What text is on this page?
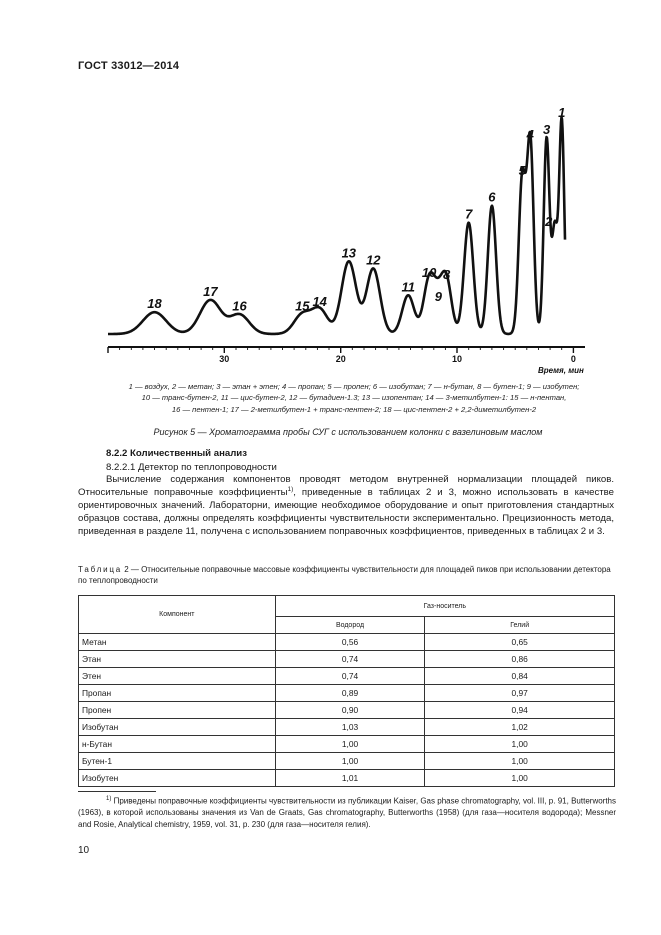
ГОСТ 33012—2014
18
17
16	15 14
13 12
11
10
9
8
7
6
5
4 3
2
1
30	20	10	0
Время, мин
1 — воздух, 2 — метан; 3 — этан + этен; 4 — пропан; 5 — пропен; 6 — изобутан; 7 — н-бутан, 8 — бутен-1; 9 — изобутен;
10 — транс-бутен-2, 11 — цис-бутен-2, 12 — бутадиен-1.3; 13 — изопентан; 14 — 3-метилбутен-1: 15 — н-пентан,
16 — пентен-1; 17 — 2-метилбутен-1 + транс-пентен-2; 18 — цис-пентен-2 + 2,2-диметилбутен-2
Рисунок 5 — Хроматограмма пробы СУГ с использованием колонки с вазелиновым маслом
8.2.2 Количественный анализ
8.2.2.1 Детектор по теплопроводности
Вычисление содержания компонентов проводят методом внутренней нормализации площадей пиков. Относительные поправочные коэффициенты$^{1)}$, приведенные в таблицах 2 и 3, можно использовать в качестве ориентировочных значений. Лабораторни, имеющие необходимое оборудование и опыт приготовления стандартных образцов состава, должны определять коэффициенты чувствительности экспериментально. Прецизионность метода, приведенная в разделе 11, получена с использованием поправочных коэффициентов, приведенных в таблицах 2 и 3.
Таблица 2 — Относительные поправочные массовые коэффициенты чувствительности для площадей пиков при использовании детектора по теплопроводности
Компонент	Газ-носитель	
	Водород	Гелий
Метан	0,56	0,65
Этан	0,74	0,86
Этен	0,74	0,84
Пропан	0,89	0,97
Пропен	0,90	0,94
Изобутан	1,03	1,02
н-Бутан	1,00	1,00
Бутен-1	1,00	1,00
Изобутен	1,01	1,00
$^{1)}$ Приведены поправочные коэффициенты чувствительности из публикации Kaiser, Gas phase chromatography, vol. III, p. 91, Butterworths (1963), в которой использованы значения из Van de Graats, Gas chromatography, Butterworths (1958) (для газа—носителя водорода); Messner and Rosie, Analytical chemistry, 1959, vol. 31, p. 230 (для газа—носителя гелия).
10
